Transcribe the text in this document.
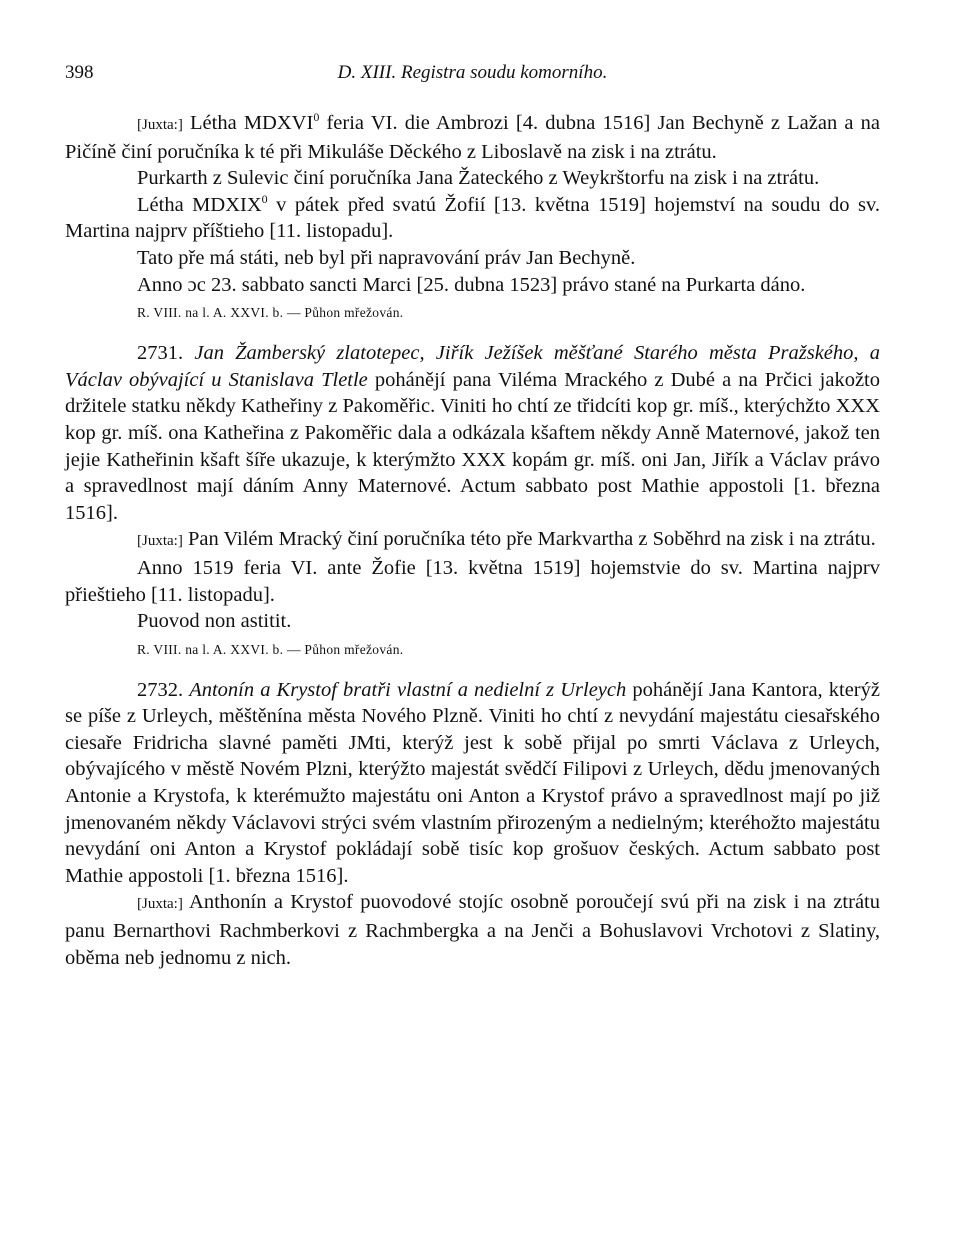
398	D. XIII. Registra soudu komorního.

[Juxta:] Létha MDXVI$^0$ feria VI. die Ambrozi [4. dubna 1516] Jan Bechyně z Lažan a na Pičíně činí poručníka k té při Mikuláše Děckého z Liboslavě na zisk i na ztrátu.

Purkarth z Sulevic činí poručníka Jana Žateckého z Weykrštorfu na zisk i na ztrátu.

Létha MDXIX$^0$ v pátek před svatú Žofií [13. května 1519] hojemství na soudu do sv. Martina najprv příštieho [11. listopadu].

Tato pře má státi, neb byl při napravování práv Jan Bechyně.

Anno ɔc 23. sabbato sancti Marci [25. dubna 1523] právo stané na Purkarta dáno.

R. VIII. na l. A. XXVI. b. — Půhon mřežován.

2731. Jan Žamberský zlatotepec, Jiřík Ježíšek měšťané Starého města Pražského, a Václav obývající u Stanislava Tletle pohánějí pana Viléma Mrackého z Dubé a na Prčici jakožto držitele statku někdy Katheřiny z Pakoměřic. Viniti ho chtí ze třidcíti kop gr. míš., kterýchžto XXX kop gr. míš. ona Katheřina z Pakoměřic dala a odkázala kšaftem někdy Anně Maternové, jakož ten jejie Katheřinin kšaft šíře ukazuje, k kterýmžto XXX kopám gr. míš. oni Jan, Jiřík a Václav právo a spravedlnost mají dáním Anny Maternové. Actum sabbato post Mathie appostoli [1. března 1516].

[Juxta:] Pan Vilém Mracký činí poručníka této pře Markvartha z Soběhrd na zisk i na ztrátu.

Anno 1519 feria VI. ante Žofie [13. května 1519] hojemstvie do sv. Martina najprv přieštieho [11. listopadu].

Puovod non astitit.

R. VIII. na l. A. XXVI. b. — Půhon mřežován.

2732. Antonín a Krystof bratři vlastní a nedielní z Urleych pohánějí Jana Kantora, kterýž se píše z Urleych, měštěnína města Nového Plzně. Viniti ho chtí z nevydání majestátu ciesařského ciesaře Fridricha slavné paměti JMti, kterýž jest k sobě přijal po smrti Václava z Urleych, obývajícého v městě Novém Plzni, kterýžto majestát svědčí Filipovi z Urleych, dědu jmenovaných Antonie a Krystofa, k kterémužto majestátu oni Anton a Krystof právo a spravedlnost mají po již jmenovaném někdy Václavovi strýci svém vlastním přirozeným a nedielným; kteréhožto majestátu nevydání oni Anton a Krystof pokládají sobě tisíc kop grošuov českých. Actum sabbato post Mathie appostoli [1. března 1516].

[Juxta:] Anthonín a Krystof puovodové stojíc osobně poroučejí svú při na zisk i na ztrátu panu Bernarthovi Rachmberkovi z Rachmbergka a na Jenči a Bohuslavovi Vrchotovi z Slatiny, oběma neb jednomu z nich.
